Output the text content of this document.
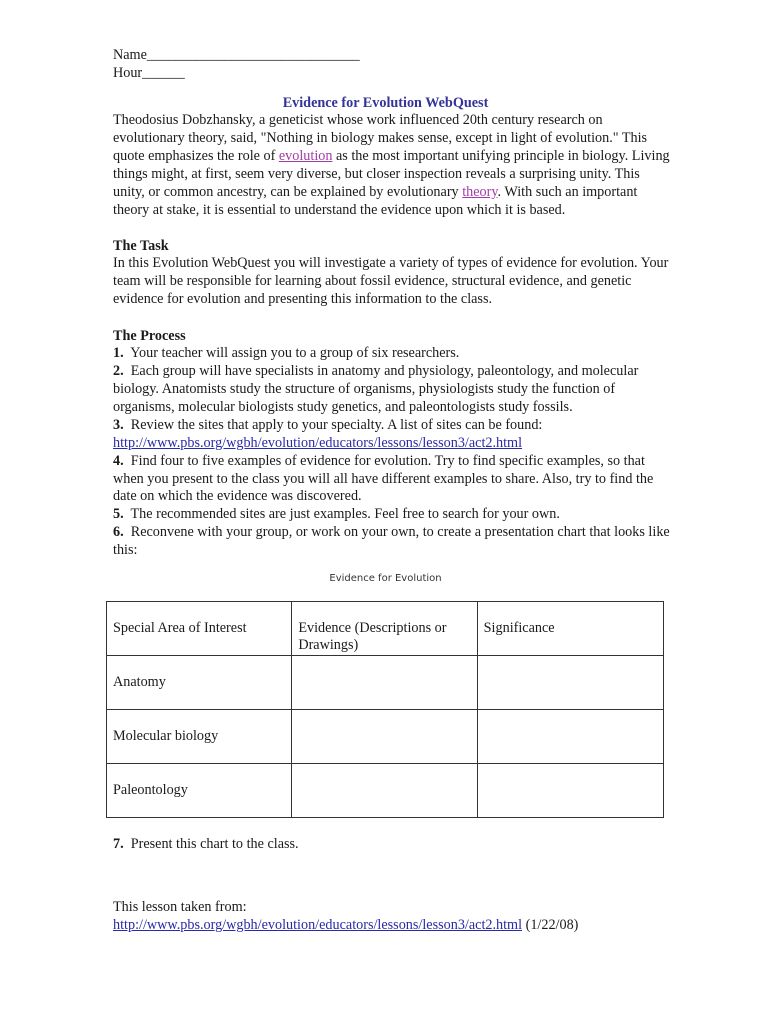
Name______________________________
Hour______
Evidence for Evolution WebQuest
Theodosius Dobzhansky, a geneticist whose work influenced 20th century research on evolutionary theory, said, "Nothing in biology makes sense, except in light of evolution." This quote emphasizes the role of evolution as the most important unifying principle in biology. Living things might, at first, seem very diverse, but closer inspection reveals a surprising unity. This unity, or common ancestry, can be explained by evolutionary theory. With such an important theory at stake, it is essential to understand the evidence upon which it is based.
The Task
In this Evolution WebQuest you will investigate a variety of types of evidence for evolution. Your team will be responsible for learning about fossil evidence, structural evidence, and genetic evidence for evolution and presenting this information to the class.
The Process
1. Your teacher will assign you to a group of six researchers.
2. Each group will have specialists in anatomy and physiology, paleontology, and molecular biology. Anatomists study the structure of organisms, physiologists study the function of organisms, molecular biologists study genetics, and paleontologists study fossils.
3. Review the sites that apply to your specialty. A list of sites can be found:
http://www.pbs.org/wgbh/evolution/educators/lessons/lesson3/act2.html
4. Find four to five examples of evidence for evolution. Try to find specific examples, so that when you present to the class you will all have different examples to share. Also, try to find the date on which the evidence was discovered.
5. The recommended sites are just examples. Feel free to search for your own.
6. Reconvene with your group, or work on your own, to create a presentation chart that looks like this:
Evidence for Evolution
Special Area of Interest	Evidence (Descriptions or Drawings)	Significance
Anatomy		
Molecular biology		
Paleontology		
7. Present this chart to the class.
This lesson taken from:
http://www.pbs.org/wgbh/evolution/educators/lessons/lesson3/act2.html (1/22/08)
